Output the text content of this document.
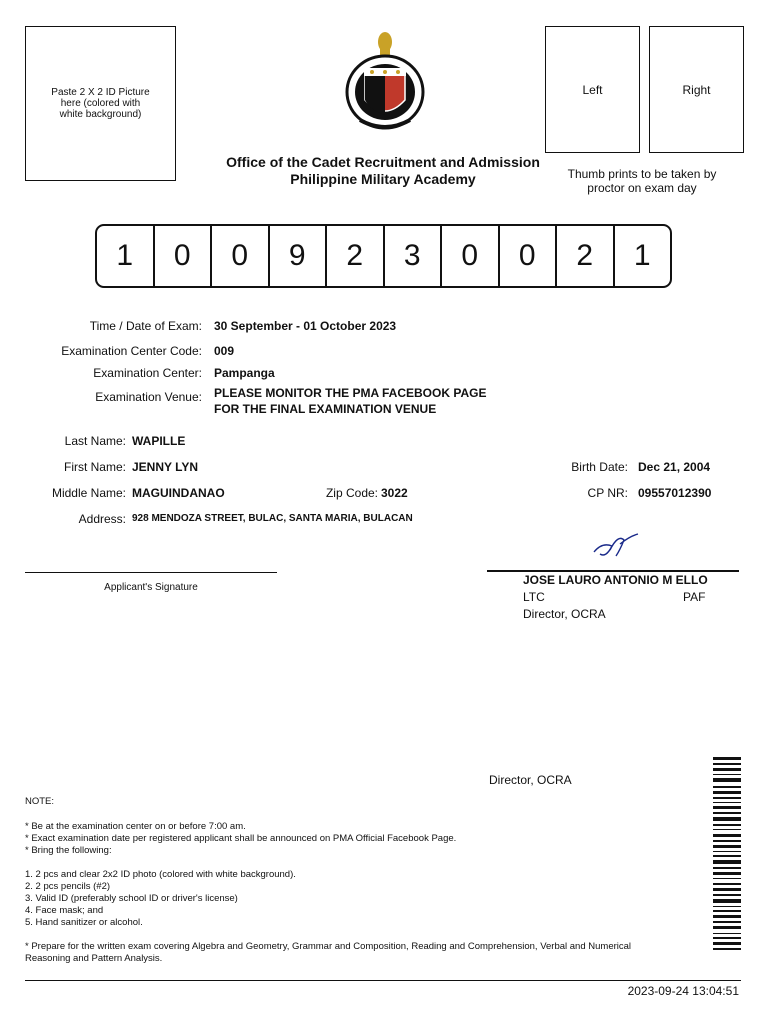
Paste 2 X 2 ID Picture here (colored with white background)
Left	Right
Thumb prints to be taken by proctor on exam day
Office of the Cadet Recruitment and Admission
Philippine Military Academy
1	0	0	9	2	3	0	0	2	1
Time / Date of Exam: 30 September - 01 October 2023
Examination Center Code: 009
Examination Center: Pampanga
Examination Venue: PLEASE MONITOR THE PMA FACEBOOK PAGE
FOR THE FINAL EXAMINATION VENUE
Last Name: WAPILLE
First Name: JENNY LYN
Middle Name: MAGUINDANAO	Zip Code: 3022
Address: 928 MENDOZA STREET, BULAC, SANTA MARIA, BULACAN
Birth Date: Dec 21, 2004
CP NR: 09557012390
Applicant's Signature
JOSE LAURO ANTONIO M ELLO
LTC	PAF
Director, OCRA
Director, OCRA
NOTE:
* Be at the examination center on or before 7:00 am.
* Exact examination date per registered applicant shall be announced on PMA Official Facebook Page.
* Bring the following:
1. 2 pcs and clear 2x2 ID photo (colored with white background).
2. 2 pcs pencils (#2)
3. Valid ID (preferably school ID or driver's license)
4. Face mask; and
5. Hand sanitizer or alcohol.
* Prepare for the written exam covering Algebra and Geometry, Grammar and Composition, Reading and Comprehension, Verbal and Numerical
Reasoning and Pattern Analysis.
2023-09-24 13:04:51
